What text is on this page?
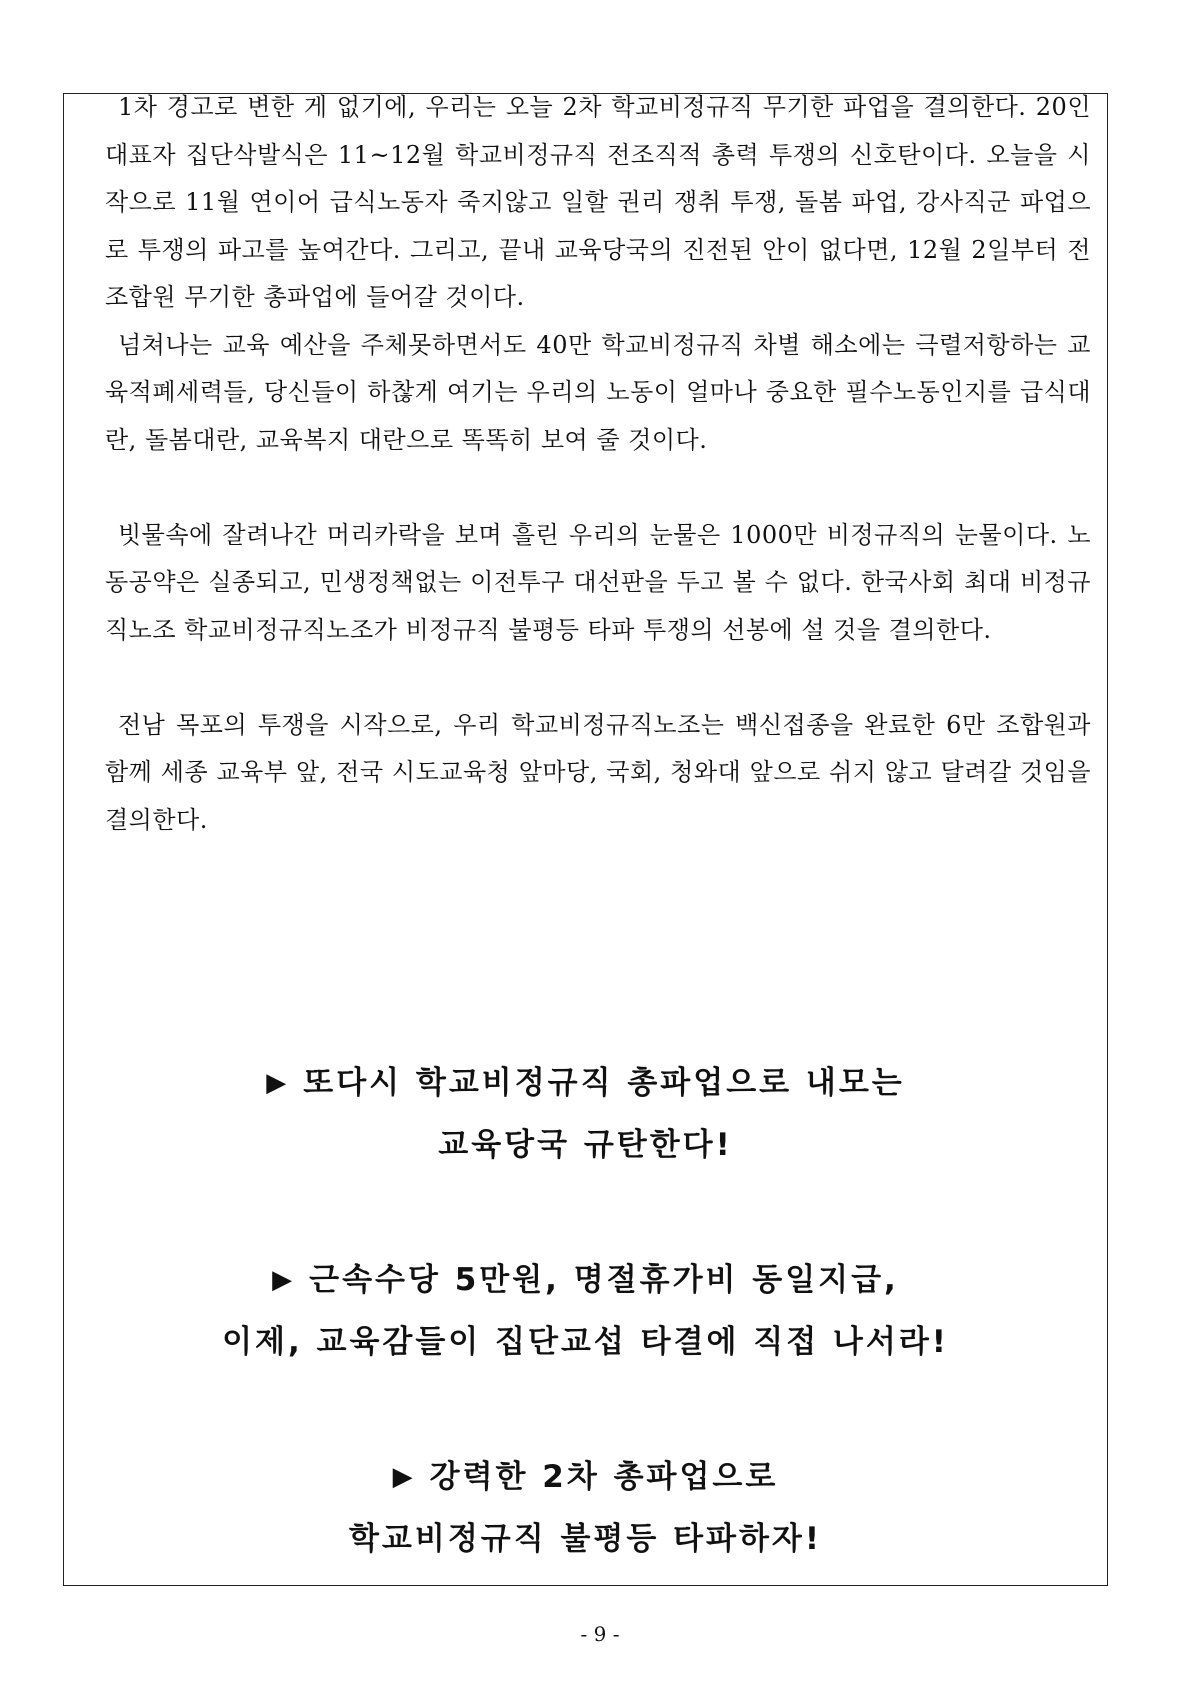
1차 경고로 변한 게 없기에, 우리는 오늘 2차 학교비정규직 무기한 파업을 결의한다. 20인 대표자 집단삭발식은 11~12월 학교비정규직 전조직적 총력 투쟁의 신호탄이다. 오늘을 시작으로 11월 연이어 급식노동자 죽지않고 일할 권리 쟁취 투쟁, 돌봄 파업, 강사직군 파업으로 투쟁의 파고를 높여간다. 그리고, 끝내 교육당국의 진전된 안이 없다면, 12월 2일부터 전 조합원 무기한 총파업에 들어갈 것이다.

넘쳐나는 교육 예산을 주체못하면서도 40만 학교비정규직 차별 해소에는 극렬저항하는 교육적폐세력들, 당신들이 하찮게 여기는 우리의 노동이 얼마나 중요한 필수노동인지를 급식대란, 돌봄대란, 교육복지 대란으로 똑똑히 보여 줄 것이다.

빗물속에 잘려나간 머리카락을 보며 흘린 우리의 눈물은 1000만 비정규직의 눈물이다. 노동공약은 실종되고, 민생정책없는 이전투구 대선판을 두고 볼 수 없다. 한국사회 최대 비정규직노조 학교비정규직노조가 비정규직 불평등 타파 투쟁의 선봉에 설 것을 결의한다.

전남 목포의 투쟁을 시작으로, 우리 학교비정규직노조는 백신접종을 완료한 6만 조합원과 함께 세종 교육부 앞, 전국 시도교육청 앞마당, 국회, 청와대 앞으로 쉬지 않고 달려갈 것임을 결의한다.

▶ 또다시 학교비정규직 총파업으로 내모는
교육당국 규탄한다!
▶ 근속수당 5만원, 명절휴가비 동일지급,
이제, 교육감들이 집단교섭 타결에 직접 나서라!
▶ 강력한 2차 총파업으로
학교비정규직 불평등 타파하자!
- 9 -
